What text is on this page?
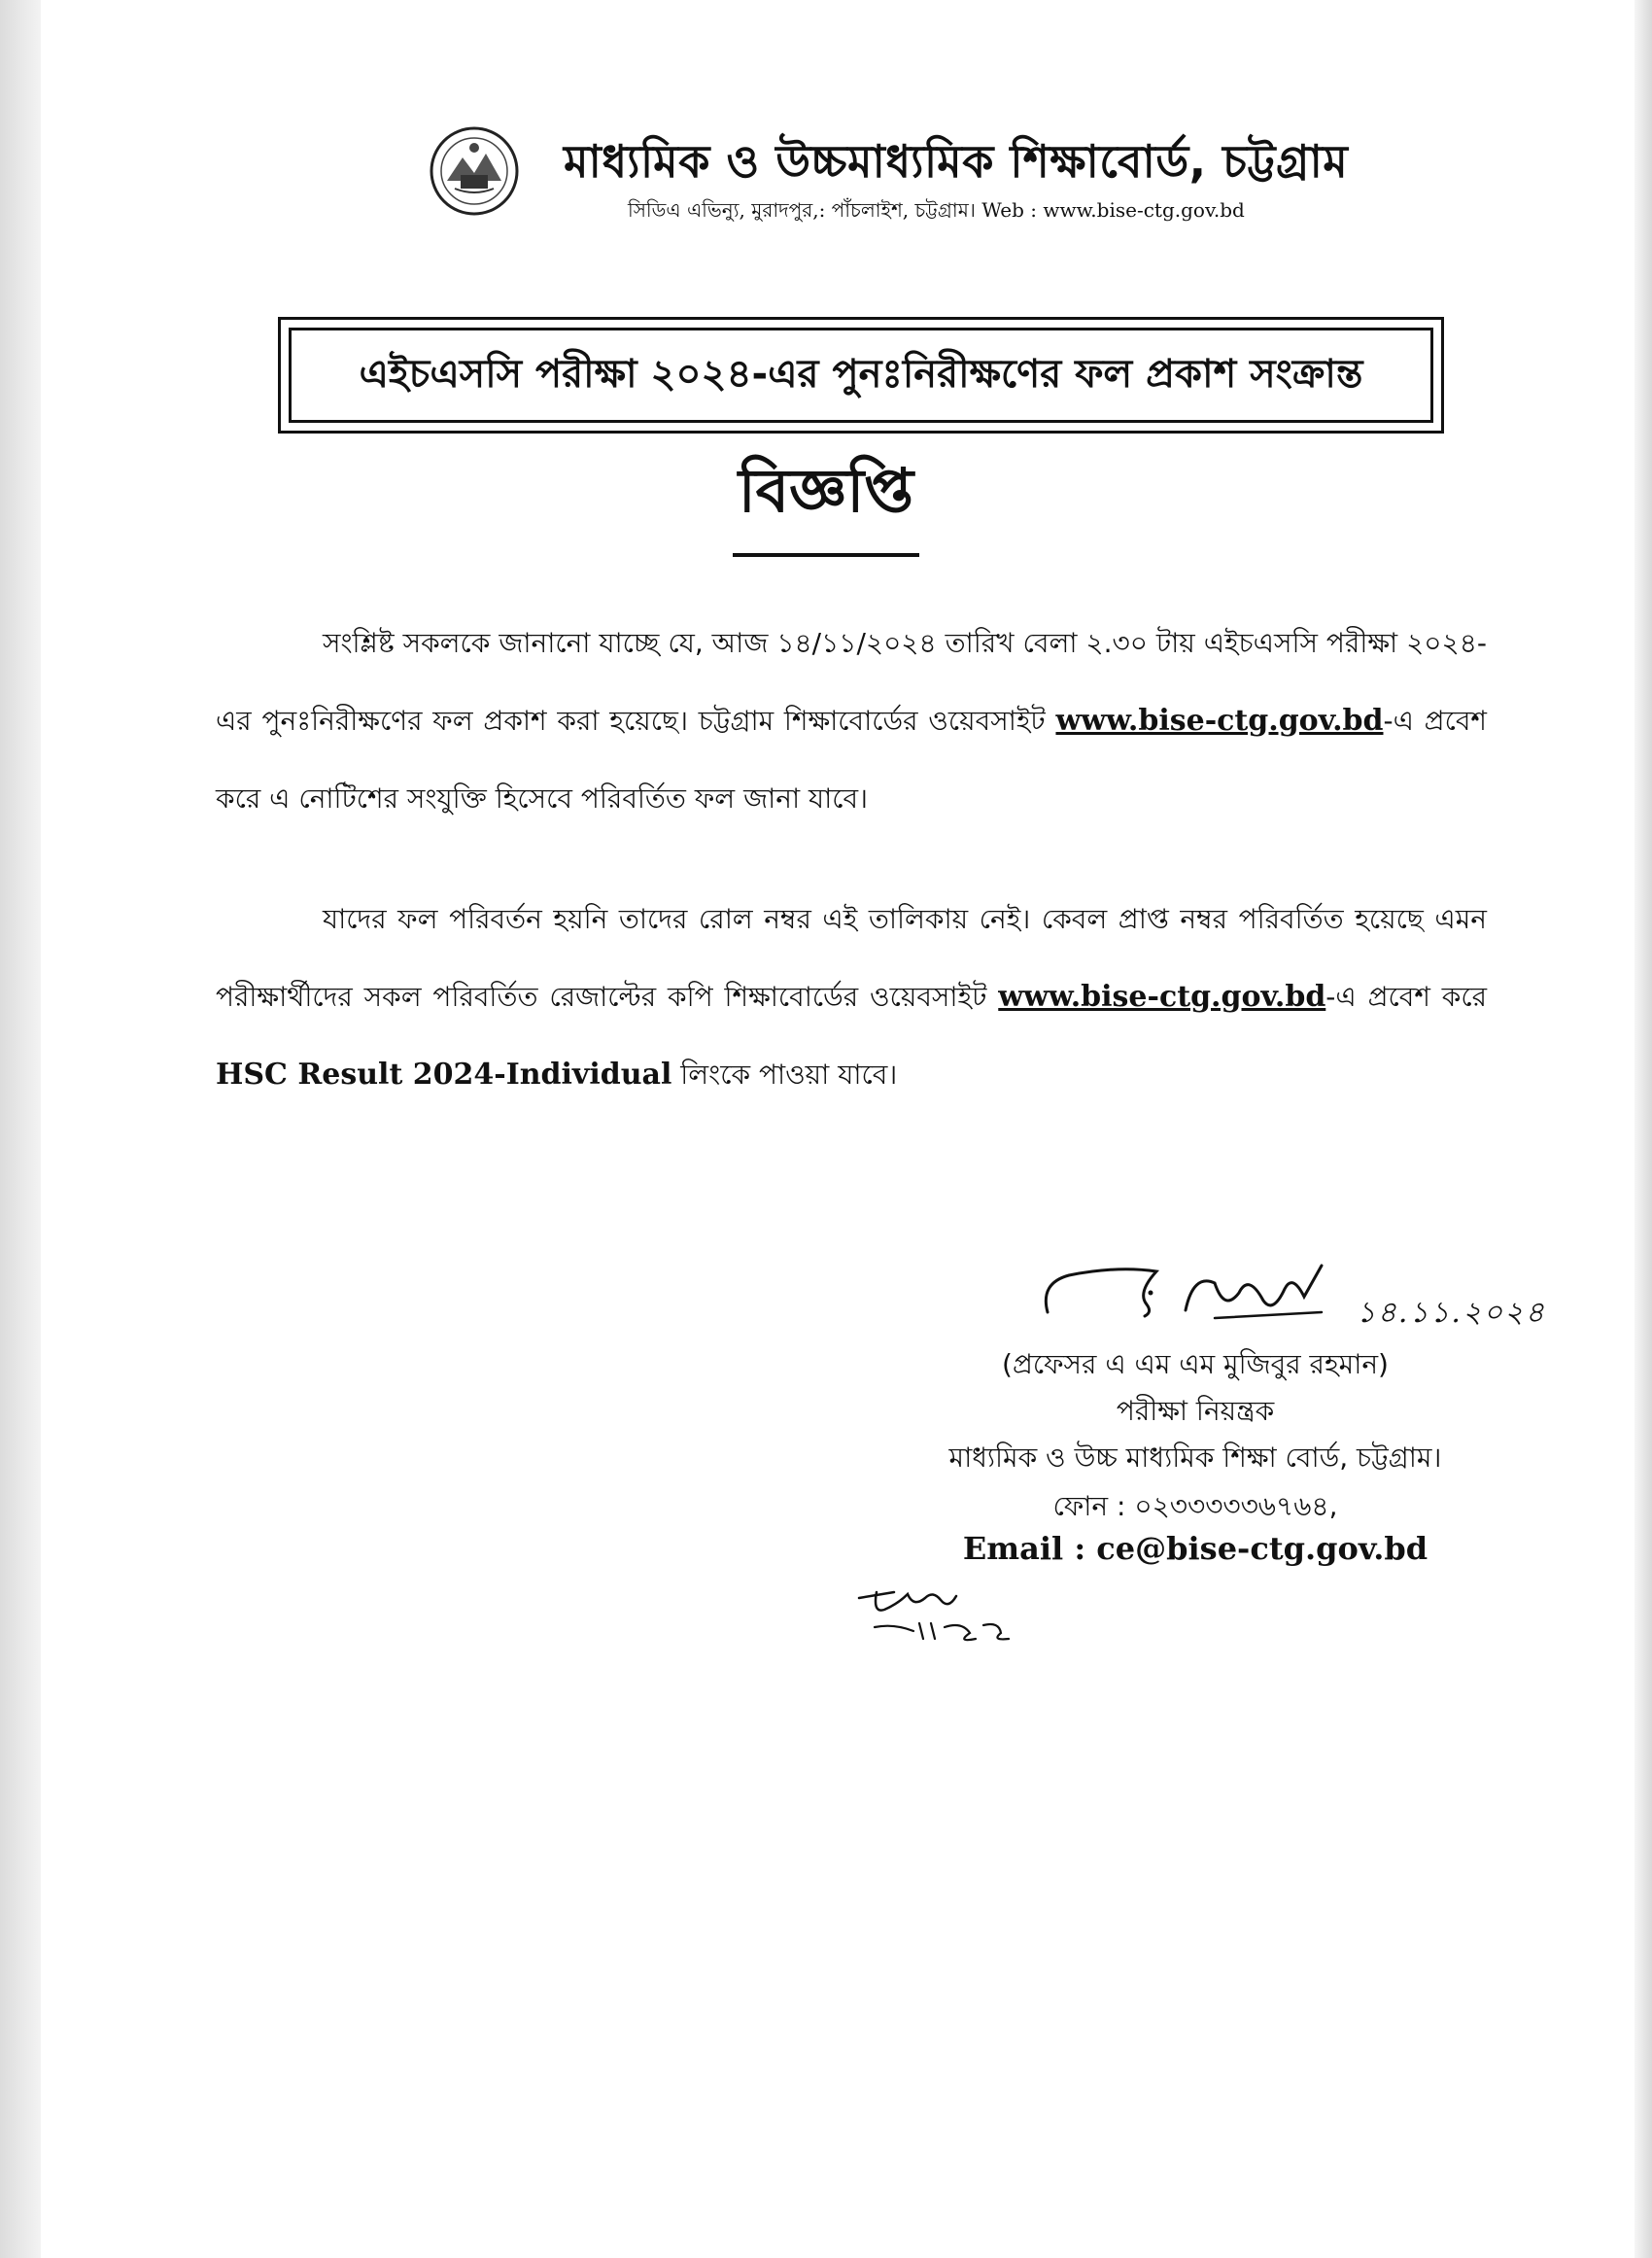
মাধ্যমিক ও উচ্চমাধ্যমিক শিক্ষাবোর্ড, চট্টগ্রাম
সিডিএ এভিন্যু, মুরাদপুর,: পাঁচলাইশ, চট্টগ্রাম। Web : www.bise-ctg.gov.bd
এইচএসসি পরীক্ষা ২০২৪-এর পুনঃনিরীক্ষণের ফল প্রকাশ সংক্রান্ত
বিজ্ঞপ্তি
সংশ্লিষ্ট সকলকে জানানো যাচ্ছে যে, আজ ১৪/১১/২০২৪ তারিখ বেলা ২.৩০ টায় এইচএসসি পরীক্ষা ২০২৪-এর পুনঃনিরীক্ষণের ফল প্রকাশ করা হয়েছে। চট্টগ্রাম শিক্ষাবোর্ডের ওয়েবসাইট www.bise-ctg.gov.bd-এ প্রবেশ করে এ নোটিশের সংযুক্তি হিসেবে পরিবর্তিত ফল জানা যাবে।
যাদের ফল পরিবর্তন হয়নি তাদের রোল নম্বর এই তালিকায় নেই। কেবল প্রাপ্ত নম্বর পরিবর্তিত হয়েছে এমন পরীক্ষার্থীদের সকল পরিবর্তিত রেজাল্টের কপি শিক্ষাবোর্ডের ওয়েবসাইট www.bise-ctg.gov.bd-এ প্রবেশ করে HSC Result 2024-Individual লিংকে পাওয়া যাবে।
১৪.১১.২০২৪
(প্রফেসর এ এম এম মুজিবুর রহমান)
পরীক্ষা নিয়ন্ত্রক
মাধ্যমিক ও উচ্চ মাধ্যমিক শিক্ষা বোর্ড, চট্টগ্রাম।
ফোন : ০২৩৩৩৩৩৬৭৬৪,
Email : ce@bise-ctg.gov.bd
